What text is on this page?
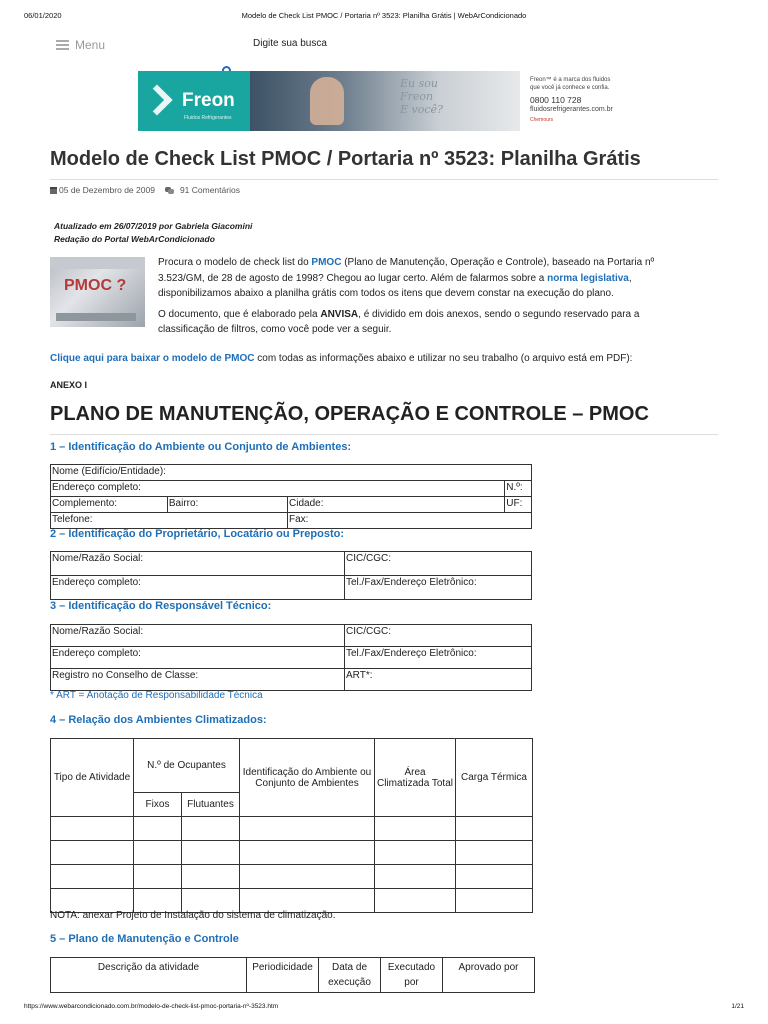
06/01/2020	Modelo de Check List PMOC / Portaria nº 3523: Planilha Grátis | WebArCondicionado
Menu	Digite sua busca
Freon
Fluidos Refrigerantes
Eu sou
Freon
E você?
Freon™ é a marca dos fluidos
que você já conhece e confia.
0800 110 728
fluidosrefrigerantes.com.br
Chemours
Modelo de Check List PMOC / Portaria nº 3523: Planilha Grátis
05 de Dezembro de 2009	91 Comentários
Atualizado em 26/07/2019 por Gabriela Giacomini
Redação do Portal WebArCondicionado
PMOC ?

Procura o modelo de check list do PMOC (Plano de Manutenção, Operação e Controle), baseado na Portaria nº 3.523/GM, de 28 de agosto de 1998? Chegou ao lugar certo. Além de falarmos sobre a norma legislativa, disponibilizamos abaixo a planilha grátis com todos os itens que devem constar na execução do plano.

O documento, que é elaborado pela ANVISA, é dividido em dois anexos, sendo o segundo reservado para a classificação de filtros, como você pode ver a seguir.

Clique aqui para baixar o modelo de PMOC com todas as informações abaixo e utilizar no seu trabalho (o arquivo está em PDF):
ANEXO I
PLANO DE MANUTENÇÃO, OPERAÇÃO E CONTROLE – PMOC
1 – Identificação do Ambiente ou Conjunto de Ambientes:
Nome (Edifício/Entidade):			
Endereço completo:			N.º:
Complemento:	Bairro:	Cidade:	UF:
Telefone:		Fax:	
2 – Identificação do Proprietário, Locatário ou Preposto:
Nome/Razão Social:	CIC/CGC:
Endereço completo:	Tel./Fax/Endereço Eletrônico:
3 – Identificação do Responsável Técnico:
Nome/Razão Social:	CIC/CGC:
Endereço completo:	Tel./Fax/Endereço Eletrônico:
Registro no Conselho de Classe:	ART*:
* ART = Anotação de Responsabilidade Técnica
4 – Relação dos Ambientes Climatizados:
Tipo de Atividade	N.º de Ocupantes		Identificação do Ambiente ou Conjunto de Ambientes	Área Climatizada Total	Carga Térmica
	Fixos	Flutuantes			

NOTA: anexar Projeto de Instalação do sistema de climatização.
5 – Plano de Manutenção e Controle
Descrição da atividade	Periodicidade	Data de execução	Executado por	Aprovado por
https://www.webarcondicionado.com.br/modelo-de-check-list-pmoc-portaria-nº-3523.htm	1/21
